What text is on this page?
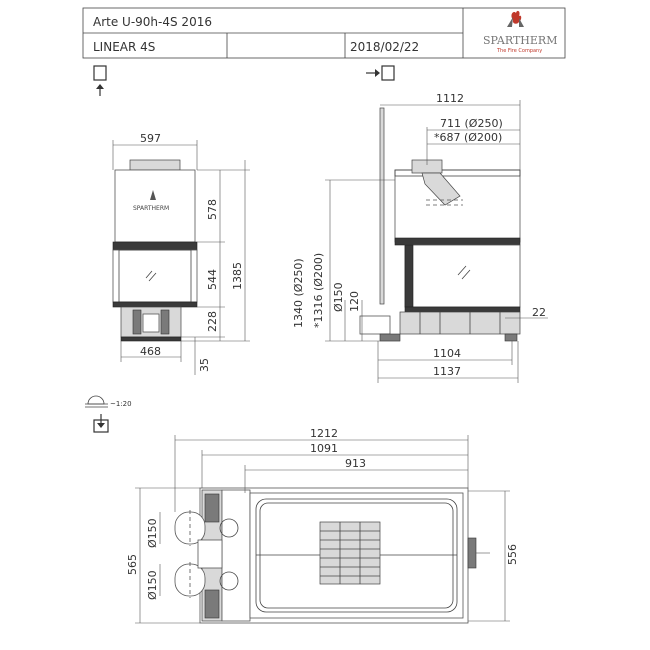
Arte U-90h-4S 2016
LINEAR 4S	2018/02/22	SPARTHERM
The Fire Company
SPARTHERM
597
578
544
228
1385
468
35
1112
711 (Ø250)
*687 (Ø200)
1340 (Ø250) *1316 (Ø200) Ø150 120
22
1104
1137
~1:20
1212
1091
913
565
Ø150
Ø150
556
